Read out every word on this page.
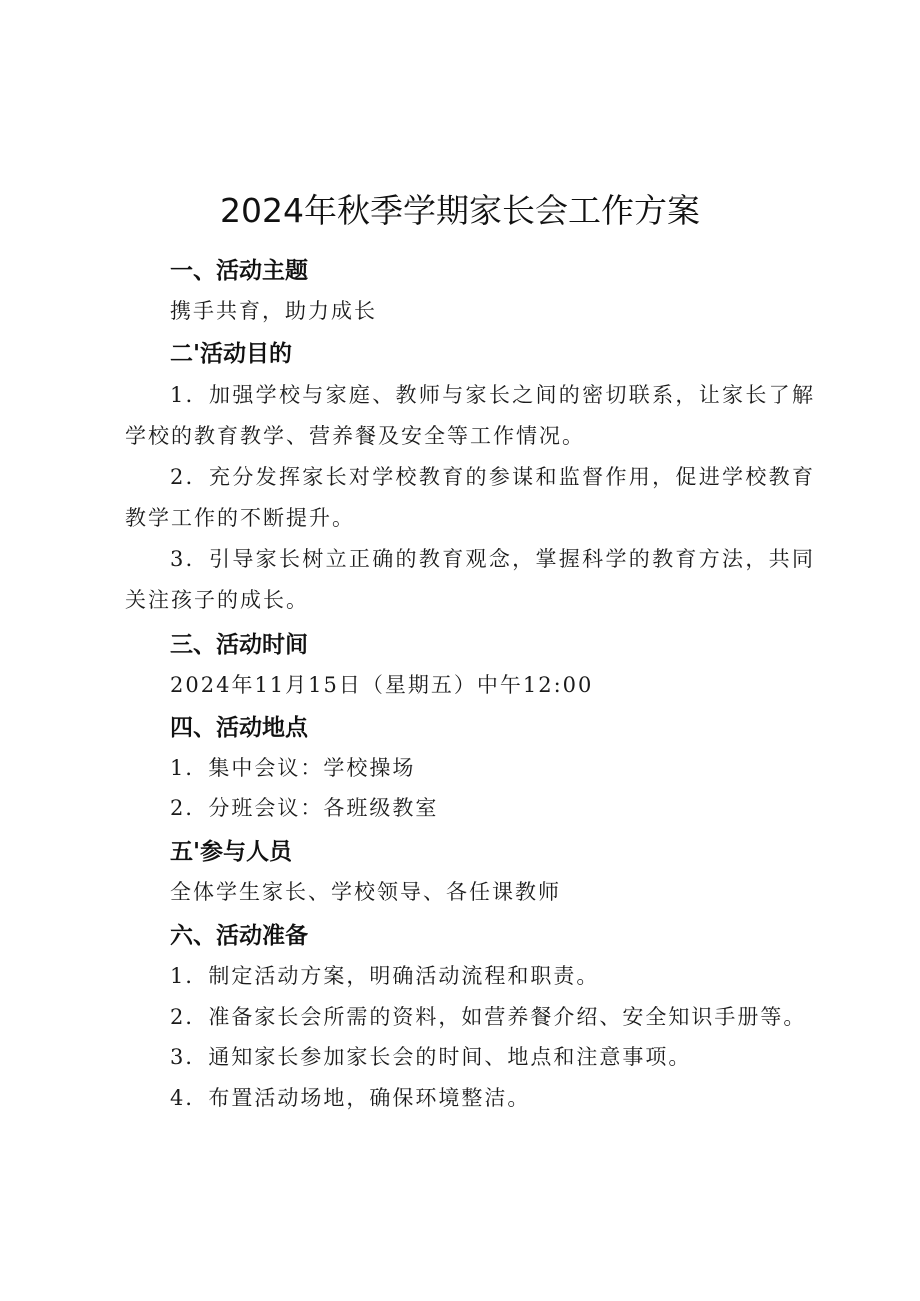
2024年秋季学期家长会工作方案
一、活动主题
携手共育，助力成长
二'活动目的

1．加强学校与家庭、教师与家长之间的密切联系，让家长了解学校的教育教学、营养餐及安全等工作情况。

2．充分发挥家长对学校教育的参谋和监督作用，促进学校教育教学工作的不断提升。

3．引导家长树立正确的教育观念，掌握科学的教育方法，共同关注孩子的成长。

三、活动时间
2024年11月15日（星期五）中午12:00
四、活动地点
1．集中会议：学校操场
2．分班会议：各班级教室
五'参与人员
全体学生家长、学校领导、各任课教师
六、活动准备
1．制定活动方案，明确活动流程和职责。
2．准备家长会所需的资料，如营养餐介绍、安全知识手册等。
3．通知家长参加家长会的时间、地点和注意事项。
4．布置活动场地，确保环境整洁。
